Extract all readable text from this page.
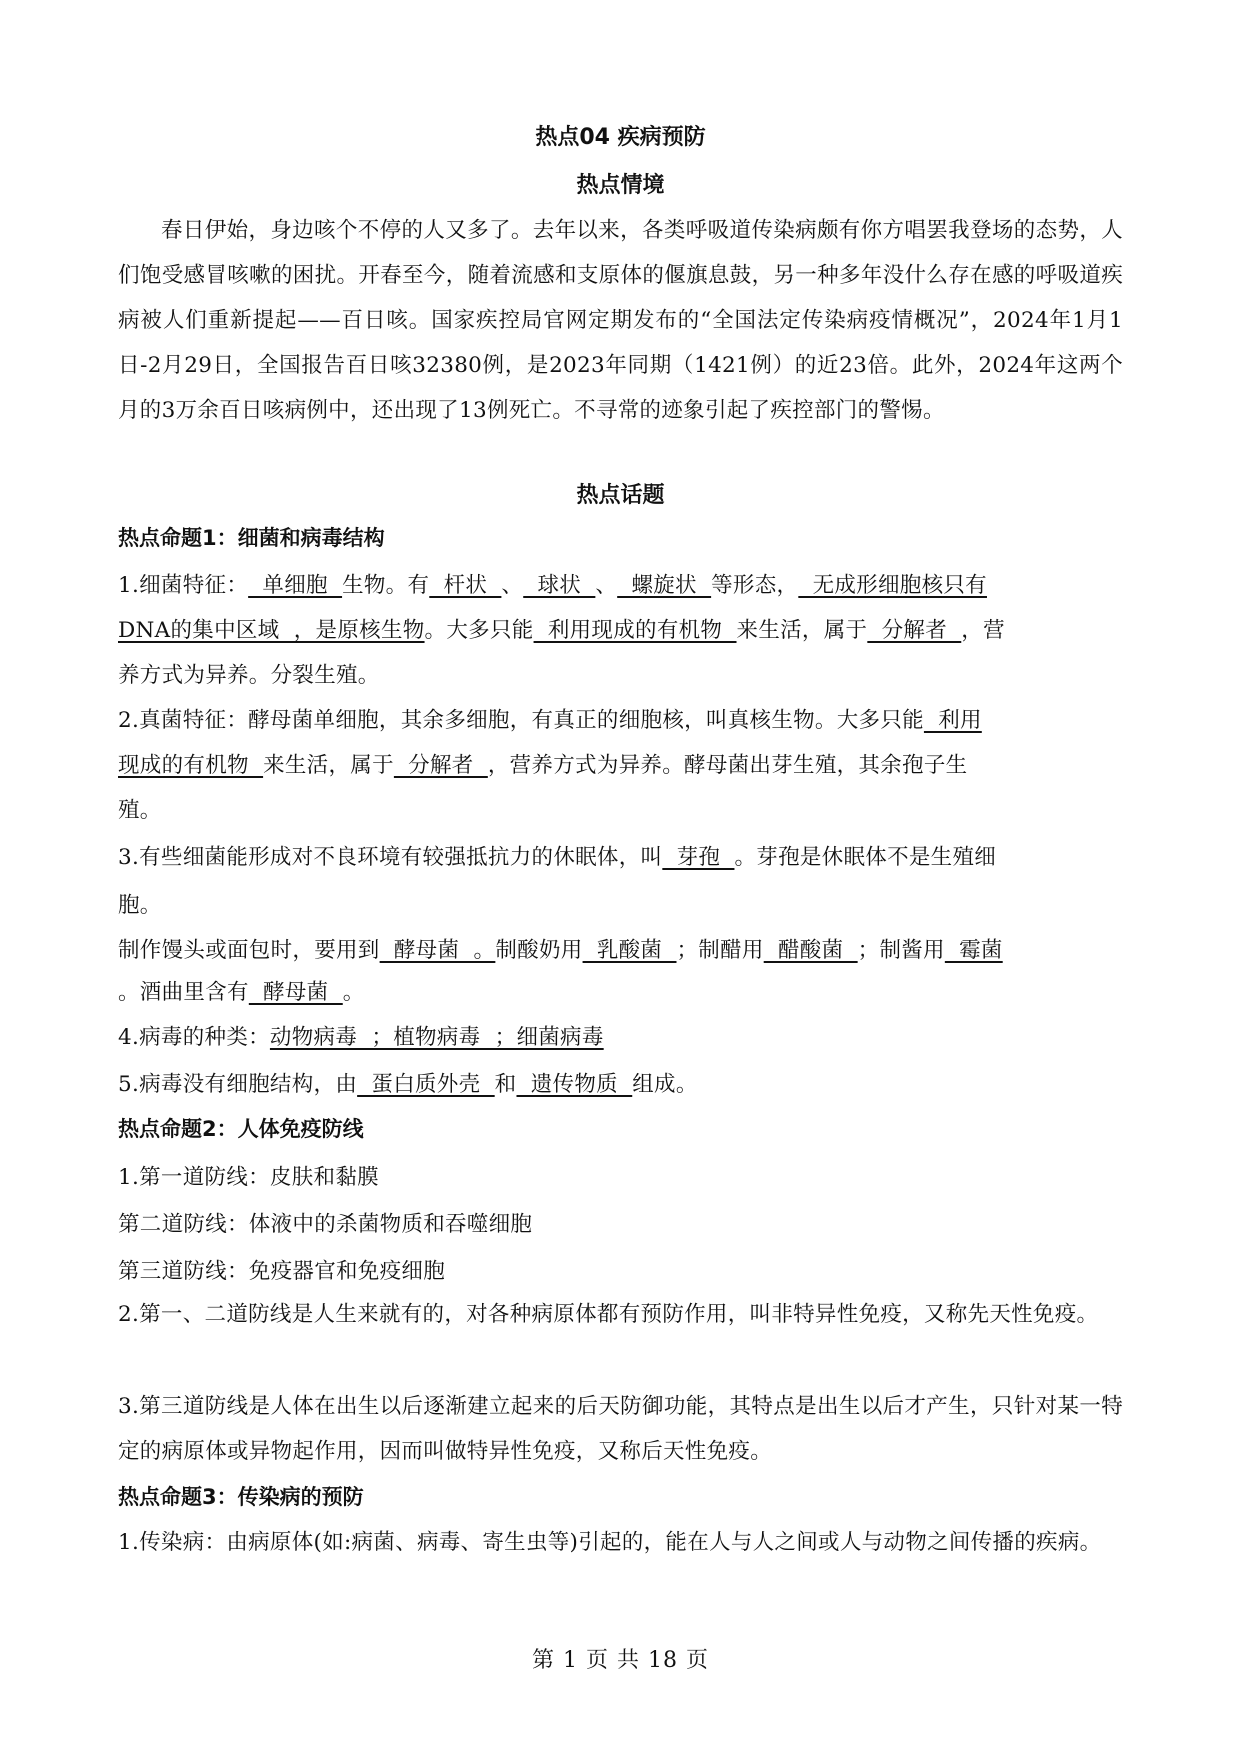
热点04 疾病预防
热点情境
春日伊始，身边咳个不停的人又多了。去年以来，各类呼吸道传染病颇有你方唱罢我登场的态势，人们饱受感冒咳嗽的困扰。开春至今，随着流感和支原体的偃旗息鼓，另一种多年没什么存在感的呼吸道疾病被人们重新提起——百日咳。国家疾控局官网定期发布的“全国法定传染病疫情概况”，2024年1月1日-2月29日，全国报告百日咳32380例，是2023年同期（1421例）的近23倍。此外，2024年这两个月的3万余百日咳病例中，还出现了13例死亡。不寻常的迹象引起了疾控部门的警惕。
热点话题
热点命题1：细菌和病毒结构
1.细菌特征：  单细胞  生物。有  杆状  、  球状  、  螺旋状  等形态，  无成形细胞核只有
DNA的集中区域  ，是原核生物。大多只能  利用现成的有机物  来生活，属于  分解者  ，营
养方式为异养。分裂生殖。
2.真菌特征：酵母菌单细胞，其余多细胞，有真正的细胞核，叫真核生物。大多只能  利用
现成的有机物  来生活，属于  分解者  ，营养方式为异养。酵母菌出芽生殖，其余孢子生
殖。
3.有些细菌能形成对不良环境有较强抵抗力的休眠体，叫  芽孢  。芽孢是休眠体不是生殖细
胞。
制作馒头或面包时，要用到  酵母菌  。制酸奶用  乳酸菌  ；制醋用  醋酸菌  ；制酱用  霉菌
。酒曲里含有  酵母菌  。
4.病毒的种类：动物病毒  ；植物病毒  ；细菌病毒
5.病毒没有细胞结构，由  蛋白质外壳  和  遗传物质  组成。
热点命题2：人体免疫防线
1.第一道防线：皮肤和黏膜
第二道防线：体液中的杀菌物质和吞噬细胞
第三道防线：免疫器官和免疫细胞
2.第一、二道防线是人生来就有的，对各种病原体都有预防作用，叫非特异性免疫，又称先天性免疫。
3.第三道防线是人体在出生以后逐渐建立起来的后天防御功能，其特点是出生以后才产生，只针对某一特定的病原体或异物起作用，因而叫做特异性免疫，又称后天性免疫。
热点命题3：传染病的预防
1.传染病：由病原体(如:病菌、病毒、寄生虫等)引起的，能在人与人之间或人与动物之间传播的疾病。
第 1 页 共 18 页
